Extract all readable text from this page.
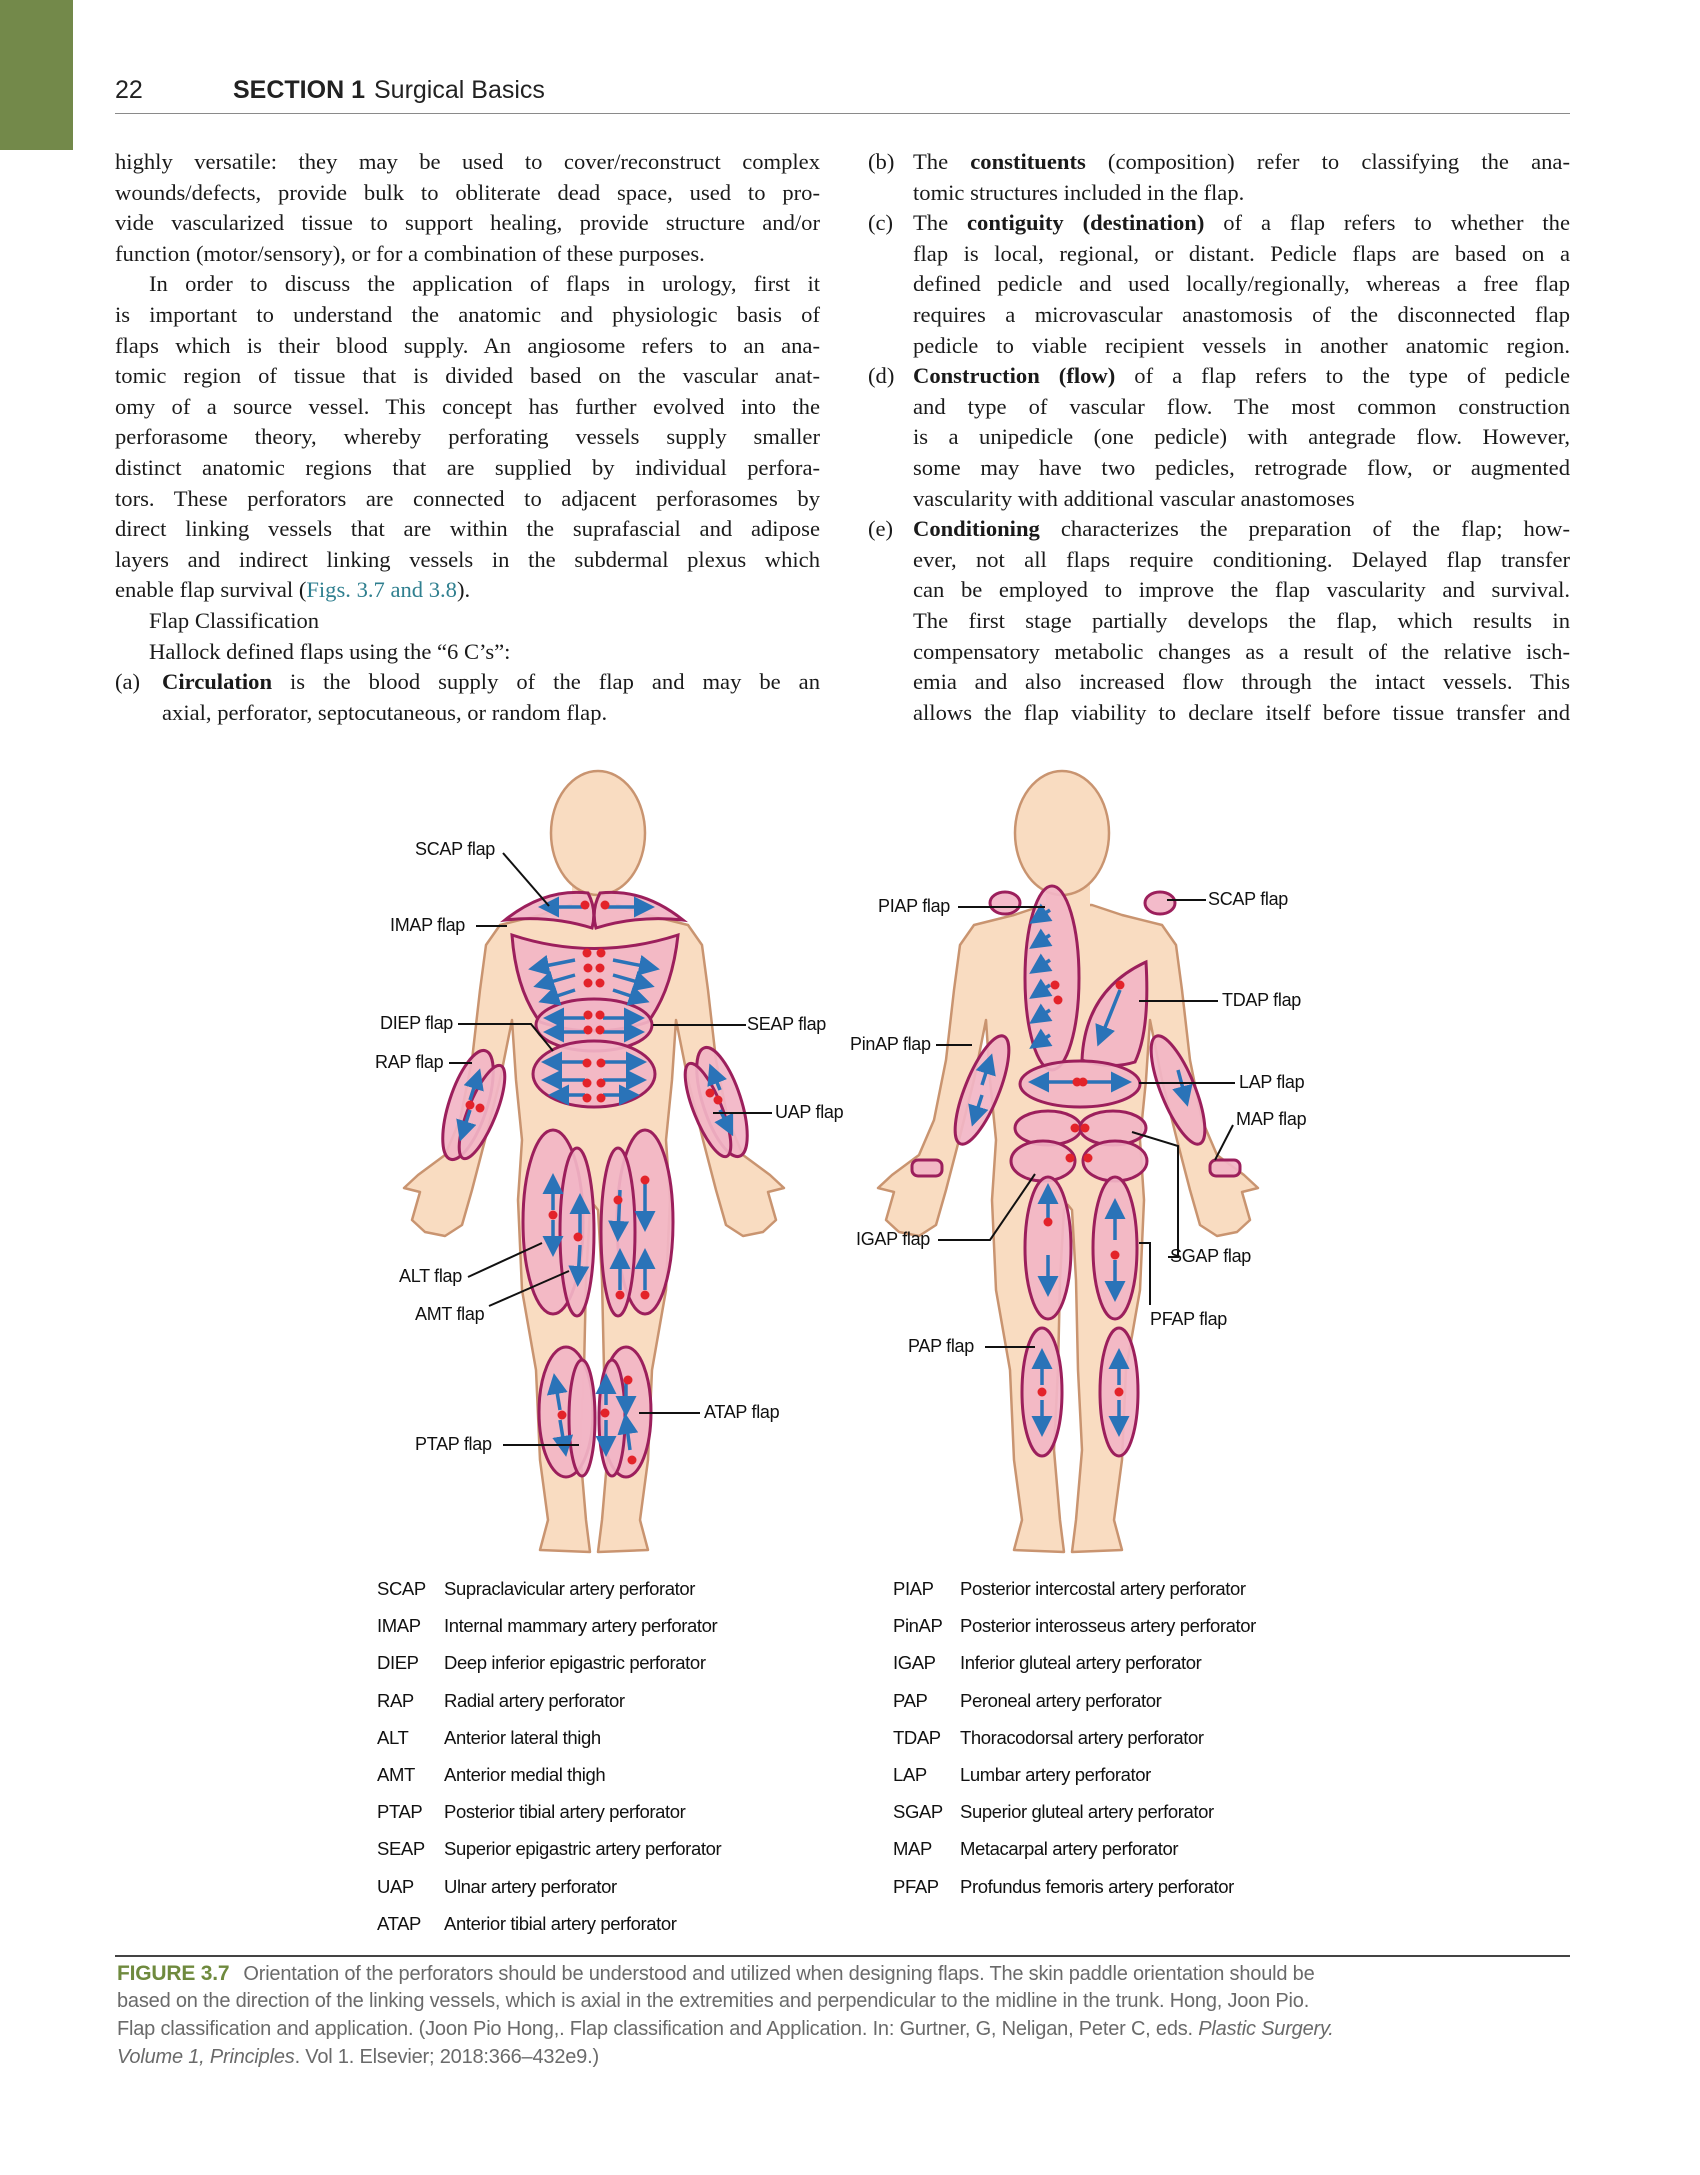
22	SECTION 1 Surgical Basics
highly versatile: they may be used to cover/reconstruct complex
wounds/defects, provide bulk to obliterate dead space, used to pro-
vide vascularized tissue to support healing, provide structure and/or
function (motor/sensory), or for a combination of these purposes.
In order to discuss the application of flaps in urology, first it
is important to understand the anatomic and physiologic basis of
flaps which is their blood supply. An angiosome refers to an ana-
tomic region of tissue that is divided based on the vascular anat-
omy of a source vessel. This concept has further evolved into the
perforasome theory, whereby perforating vessels supply smaller
distinct anatomic regions that are supplied by individual perfora-
tors. These perforators are connected to adjacent perforasomes by
direct linking vessels that are within the suprafascial and adipose
layers and indirect linking vessels in the subdermal plexus which
enable flap survival (Figs. 3.7 and 3.8).
Flap Classification
Hallock defined flaps using the “6 C’s”:
(a) Circulation is the blood supply of the flap and may be an
axial, perforator, septocutaneous, or random flap.
(b) The constituents (composition) refer to classifying the ana-
tomic structures included in the flap.
(c) The contiguity (destination) of a flap refers to whether the
flap is local, regional, or distant. Pedicle flaps are based on a
defined pedicle and used locally/regionally, whereas a free flap
requires a microvascular anastomosis of the disconnected flap
pedicle to viable recipient vessels in another anatomic region.
(d) Construction (flow) of a flap refers to the type of pedicle
and type of vascular flow. The most common construction
is a unipedicle (one pedicle) with antegrade flow. However,
some may have two pedicles, retrograde flow, or augmented
vascularity with additional vascular anastomoses
(e) Conditioning characterizes the preparation of the flap; how-
ever, not all flaps require conditioning. Delayed flap transfer
can be employed to improve the flap vascularity and survival.
The first stage partially develops the flap, which results in
compensatory metabolic changes as a result of the relative isch-
emia and also increased flow through the intact vessels. This
allows the flap viability to declare itself before tissue transfer and
SCAP flap
IMAP flap
DIEP flap
RAP flap
SEAP flap
UAP flap
ALT flap
AMT flap
PTAP flap
ATAP flap
PIAP flap	SCAP flap
TDAP flap
PinAP flap
LAP flap
MAP flap
IGAP flap
SGAP flap
PFAP flap
PAP flap
SCAP Supraclavicular artery perforator
IMAP Internal mammary artery perforator
DIEP Deep inferior epigastric perforator
RAP Radial artery perforator
ALT Anterior lateral thigh
AMT Anterior medial thigh
PTAP Posterior tibial artery perforator
SEAP Superior epigastric artery perforator
UAP Ulnar artery perforator
ATAP Anterior tibial artery perforator
PIAP Posterior intercostal artery perforator
PinAP Posterior interosseus artery perforator
IGAP Inferior gluteal artery perforator
PAP Peroneal artery perforator
TDAP Thoracodorsal artery perforator
LAP Lumbar artery perforator
SGAP Superior gluteal artery perforator
MAP Metacarpal artery perforator
PFAP Profundus femoris artery perforator
FIGURE 3.7 Orientation of the perforators should be understood and utilized when designing flaps. The skin paddle orientation should be
based on the direction of the linking vessels, which is axial in the extremities and perpendicular to the midline in the trunk. Hong, Joon Pio.
Flap classification and application. (Joon Pio Hong,. Flap classification and Application. In: Gurtner, G, Neligan, Peter C, eds. Plastic Surgery.
Volume 1, Principles. Vol 1. Elsevier; 2018:366–432e9.)
